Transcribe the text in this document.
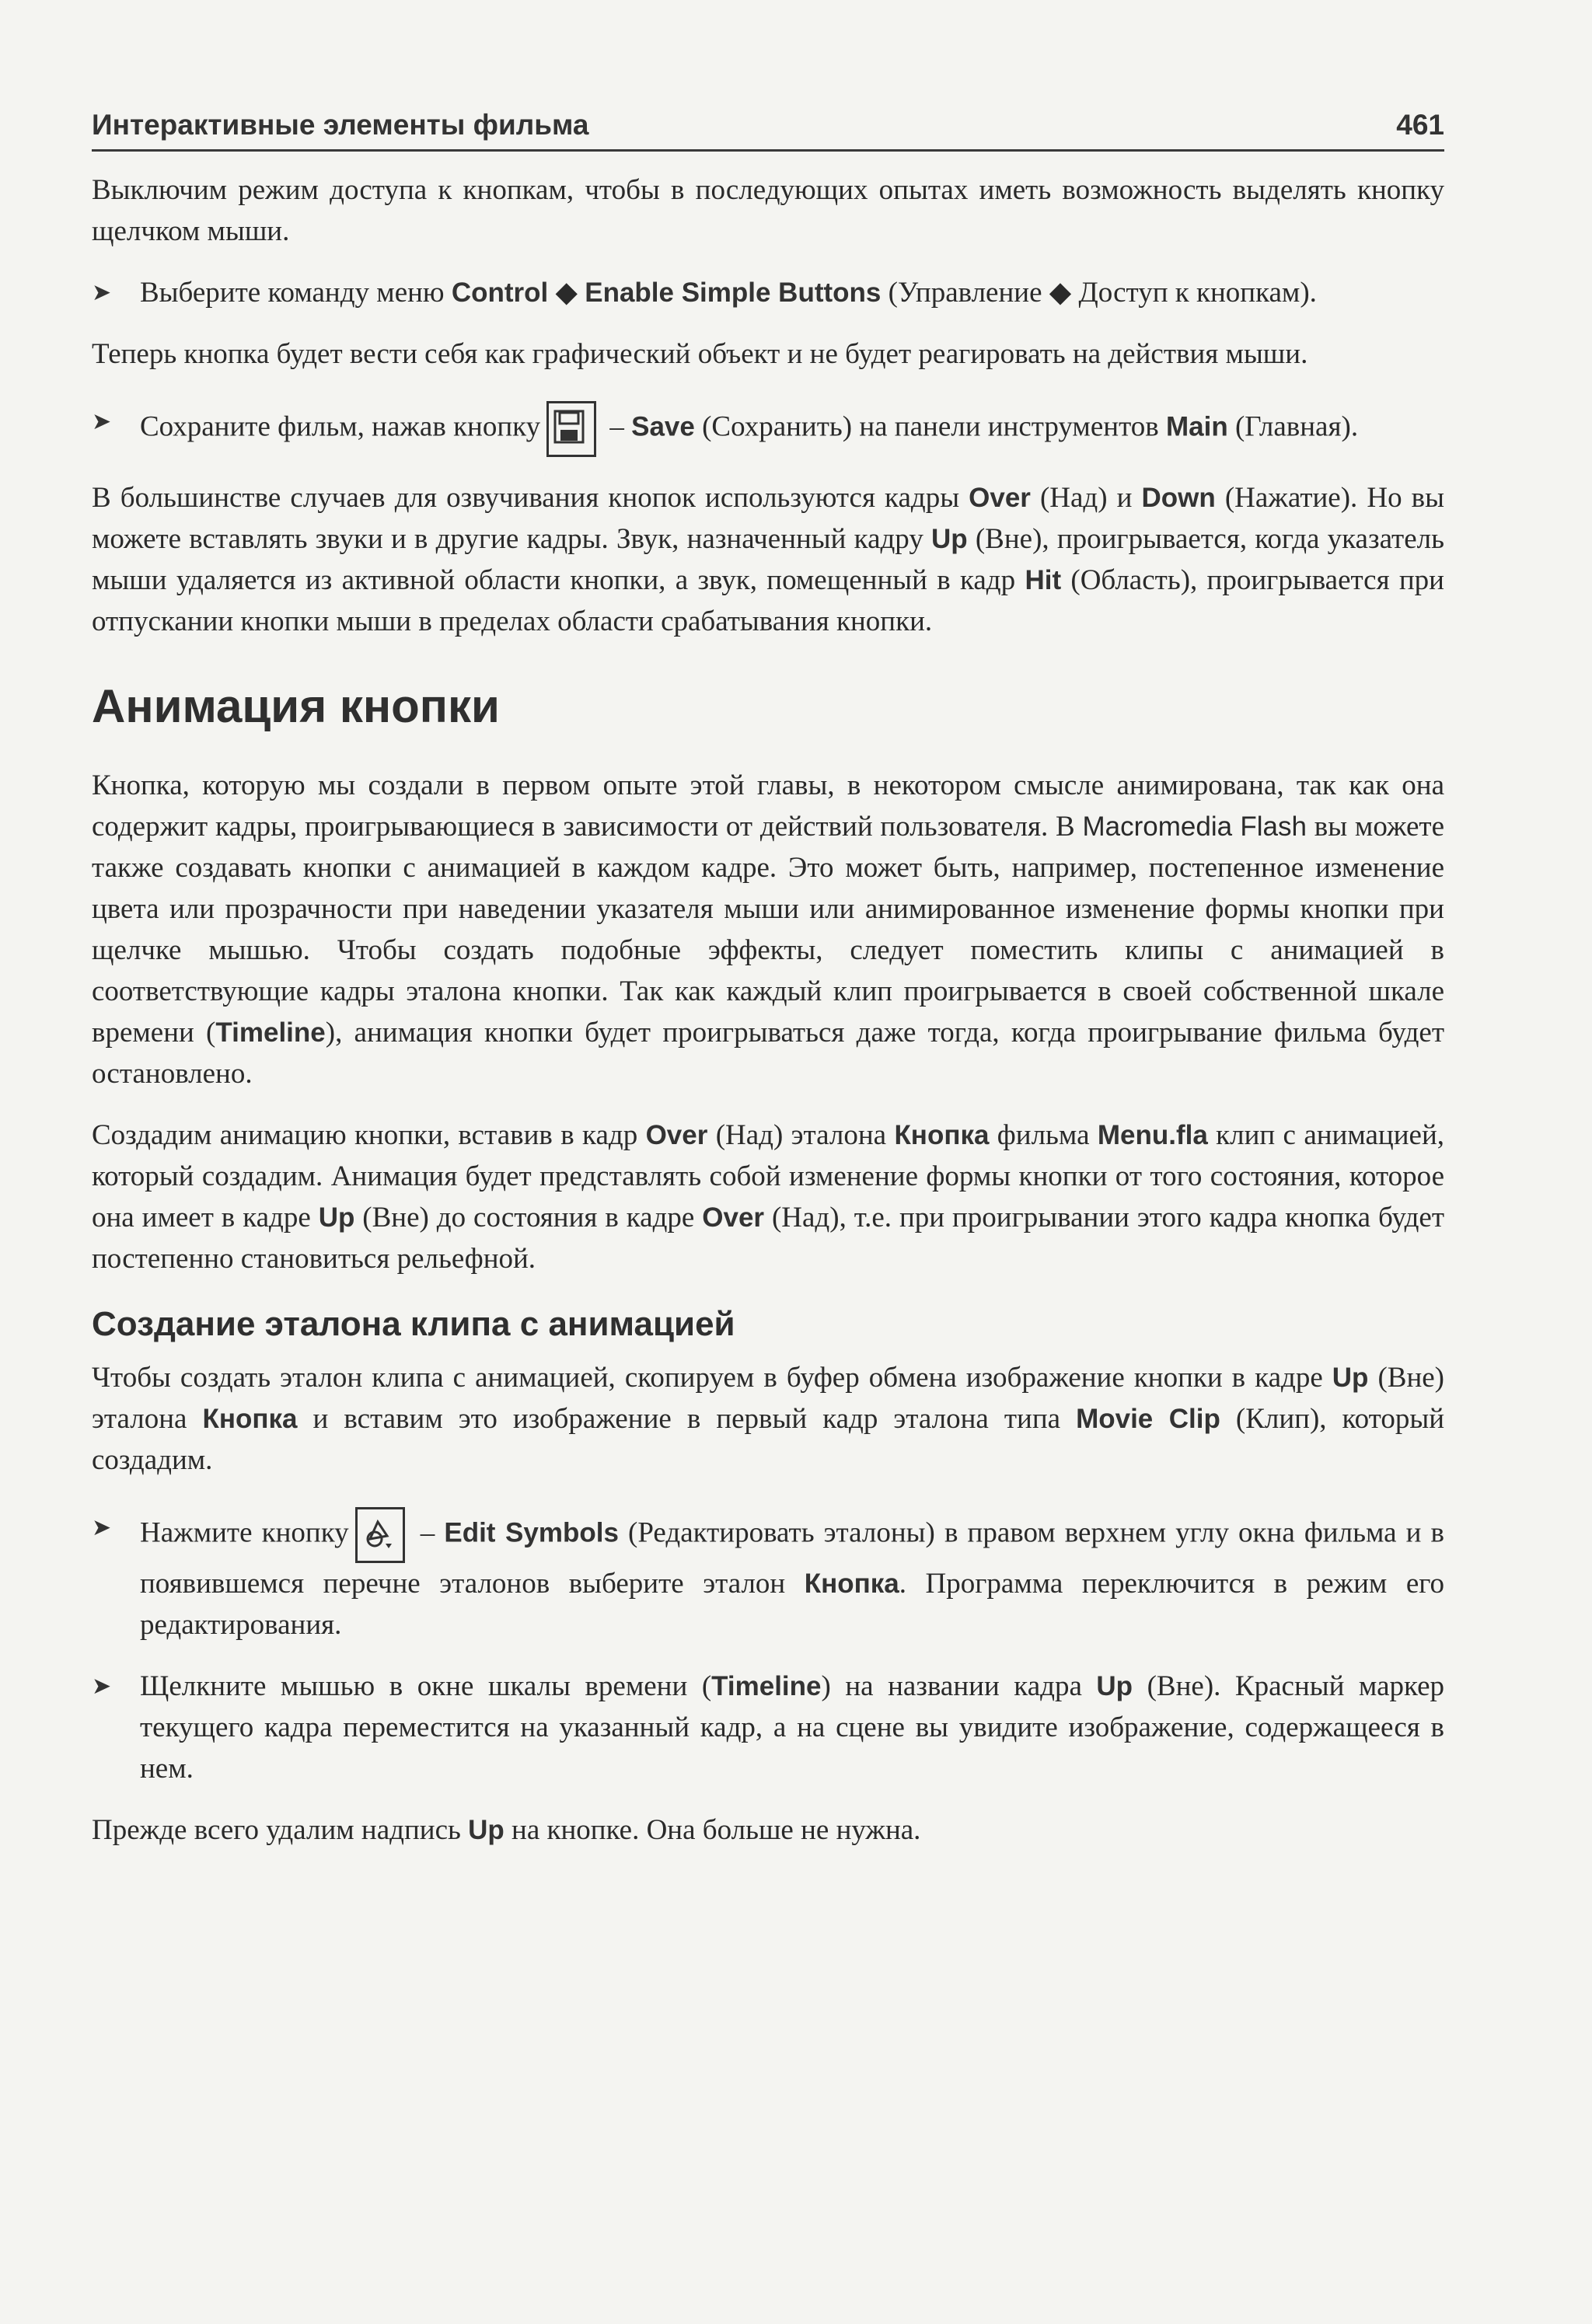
Интерактивные элементы фильма	461

Выключим режим доступа к кнопкам, чтобы в последующих опытах иметь возможность выделять кнопку щелчком мыши.

➤ Выберите команду меню Control ◆ Enable Simple Buttons (Управление ◆ Доступ к кнопкам).

Теперь кнопка будет вести себя как графический объект и не будет реагировать на действия мыши.

➤ Сохраните фильм, нажав кнопку
– Save (Сохранить) на панели инструментов Main (Главная).

В большинстве случаев для озвучивания кнопок используются кадры Over (Над) и Down (Нажатие). Но вы можете вставлять звуки и в другие кадры. Звук, назначенный кадру Up (Вне), проигрывается, когда указатель мыши удаляется из активной области кнопки, а звук, помещенный в кадр Hit (Область), проигрывается при отпускании кнопки мыши в пределах области срабатывания кнопки.

Анимация кнопки

Кнопка, которую мы создали в первом опыте этой главы, в некотором смысле анимирована, так как она содержит кадры, проигрывающиеся в зависимости от действий пользователя. В Macromedia Flash вы можете также создавать кнопки с анимацией в каждом кадре. Это может быть, например, постепенное изменение цвета или прозрачности при наведении указателя мыши или анимированное изменение формы кнопки при щелчке мышью. Чтобы создать подобные эффекты, следует поместить клипы с анимацией в соответствующие кадры эталона кнопки. Так как каждый клип проигрывается в своей собственной шкале времени (Timeline), анимация кнопки будет проигрываться даже тогда, когда проигрывание фильма будет остановлено.

Создадим анимацию кнопки, вставив в кадр Over (Над) эталона Кнопка фильма Menu.fla клип с анимацией, который создадим. Анимация будет представлять собой изменение формы кнопки от того состояния, которое она имеет в кадре Up (Вне) до состояния в кадре Over (Над), т.е. при проигрывании этого кадра кнопка будет постепенно становиться рельефной.

Создание эталона клипа с анимацией

Чтобы создать эталон клипа с анимацией, скопируем в буфер обмена изображение кнопки в кадре Up (Вне) эталона Кнопка и вставим это изображение в первый кадр эталона типа Movie Clip (Клип), который создадим.

➤ Нажмите кнопку
– Edit Symbols (Редактировать эталоны) в правом верхнем углу окна фильма и в появившемся перечне эталонов выберите эталон Кнопка. Программа переключится в режим его редактирования.
➤ Щелкните мышью в окне шкалы времени (Timeline) на названии кадра Up (Вне). Красный маркер текущего кадра переместится на указанный кадр, а на сцене вы увидите изображение, содержащееся в нем.

Прежде всего удалим надпись Up на кнопке. Она больше не нужна.
